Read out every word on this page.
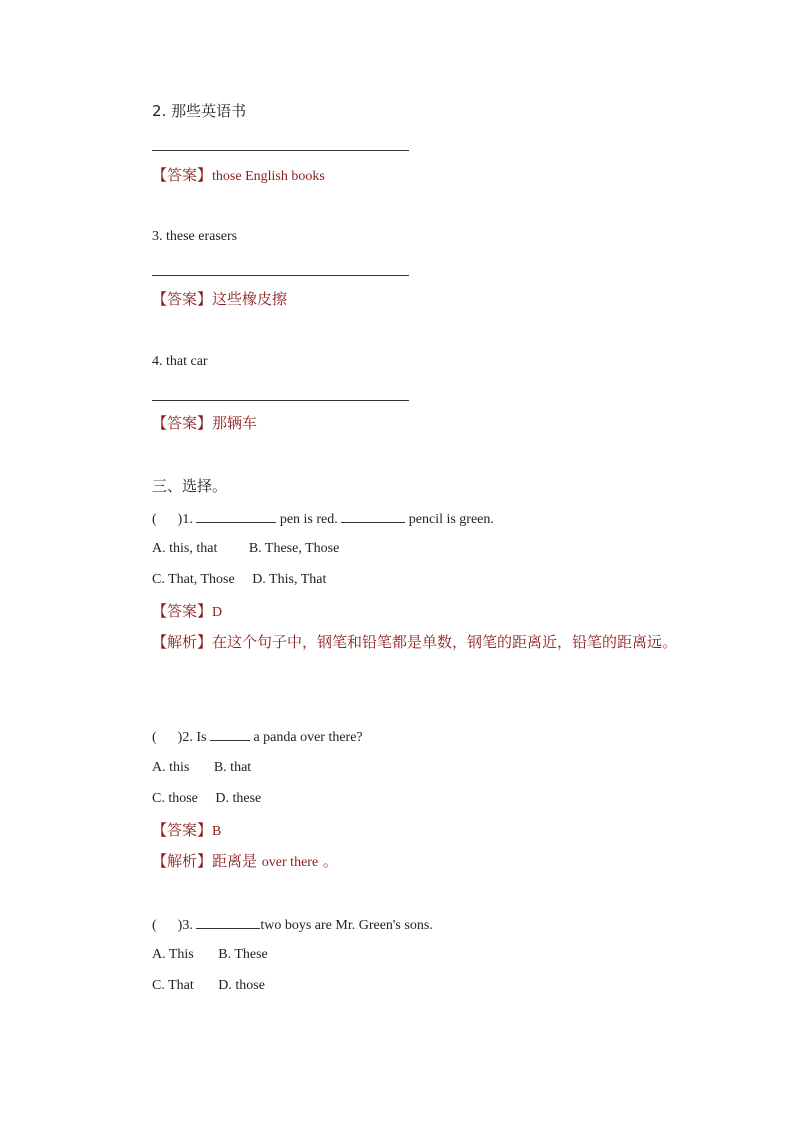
2. 那些英语书
【答案】those English books
3. these erasers
【答案】这些橡皮擦
4. that car
【答案】那辆车
三、选择。
(      )1.	pen is red.	pencil is green.
A. this, that         B. These, Those
C. That, Those     D. This, That
【答案】D
【解析】在这个句子中，钢笔和铅笔都是单数，钢笔的距离近，铅笔的距离远。
(      )2. Is	a panda over there?
A. this       B. that
C. those     D. these
【答案】B
【解析】距离是 over there 。
(      )3.	two boys are Mr. Green's sons.
A. This       B. These
C. That       D. those
